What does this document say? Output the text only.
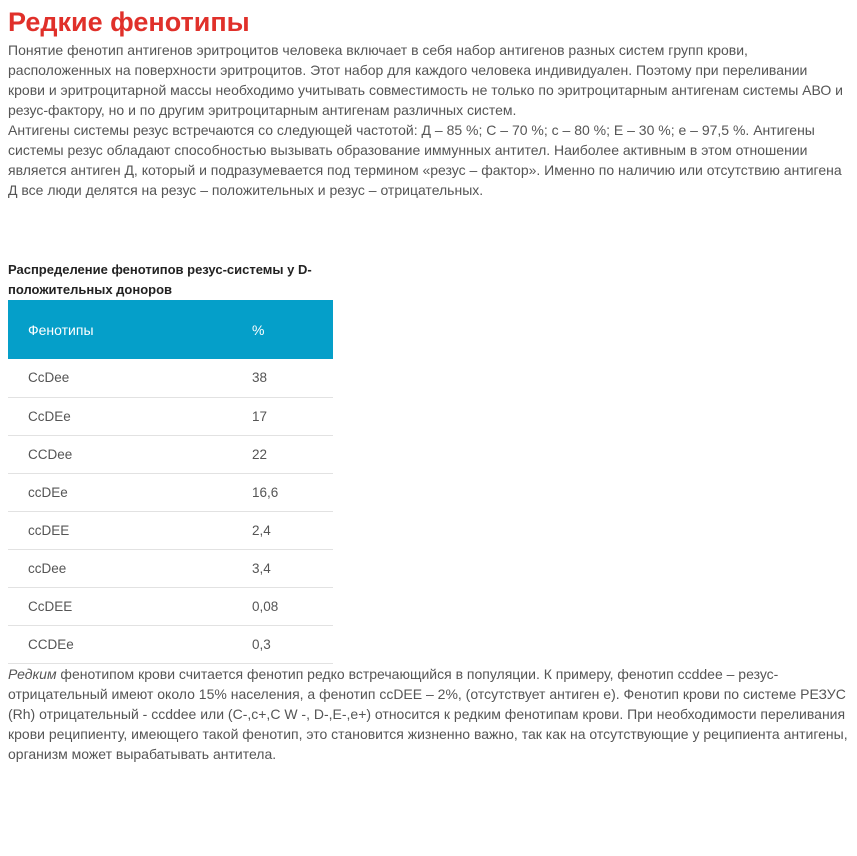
Редкие фенотипы

Понятие фенотип антигенов эритроцитов человека включает в себя набор антигенов разных систем групп крови, расположенных на поверхности эритроцитов. Этот набор для каждого человека индивидуален. Поэтому при переливании крови и эритроцитарной массы необходимо учитывать совместимость не только по эритроцитарным антигенам системы АВО и резус-фактору, но и по другим эритроцитарным антигенам различных систем.

Антигены системы резус встречаются со следующей частотой: Д – 85 %; С – 70 %; с – 80 %; Е – 30 %; е – 97,5 %. Антигены системы резус обладают способностью вызывать образование иммунных антител. Наиболее активным в этом отношении является антиген Д, который и подразумевается под термином «резус – фактор». Именно по наличию или отсутствию антигена Д все люди делятся на резус – положительных и резус – отрицательных.

Распределение фенотипов резус-системы у D-положительных доноров

Фенотипы	%
CcDee	38
CcDEe	17
CCDee	22
ccDEe	16,6
ccDEE	2,4
ccDee	3,4
CcDEE	0,08
CCDEe	0,3

Редким фенотипом крови считается фенотип редко встречающийся в популяции. К примеру, фенотип ccddee – резус-отрицательный имеют около 15% населения, а фенотип ccDEE – 2%, (отсутствует антиген е). Фенотип крови по системе РЕЗУС (Rh) отрицательный - ccddee или (С-,c+,C W -, D-,E-,e+) относится к редким фенотипам крови. При необходимости переливания крови реципиенту, имеющего такой фенотип, это становится жизненно важно, так как на отсутствующие у реципиента антигены, организм может вырабатывать антитела.
